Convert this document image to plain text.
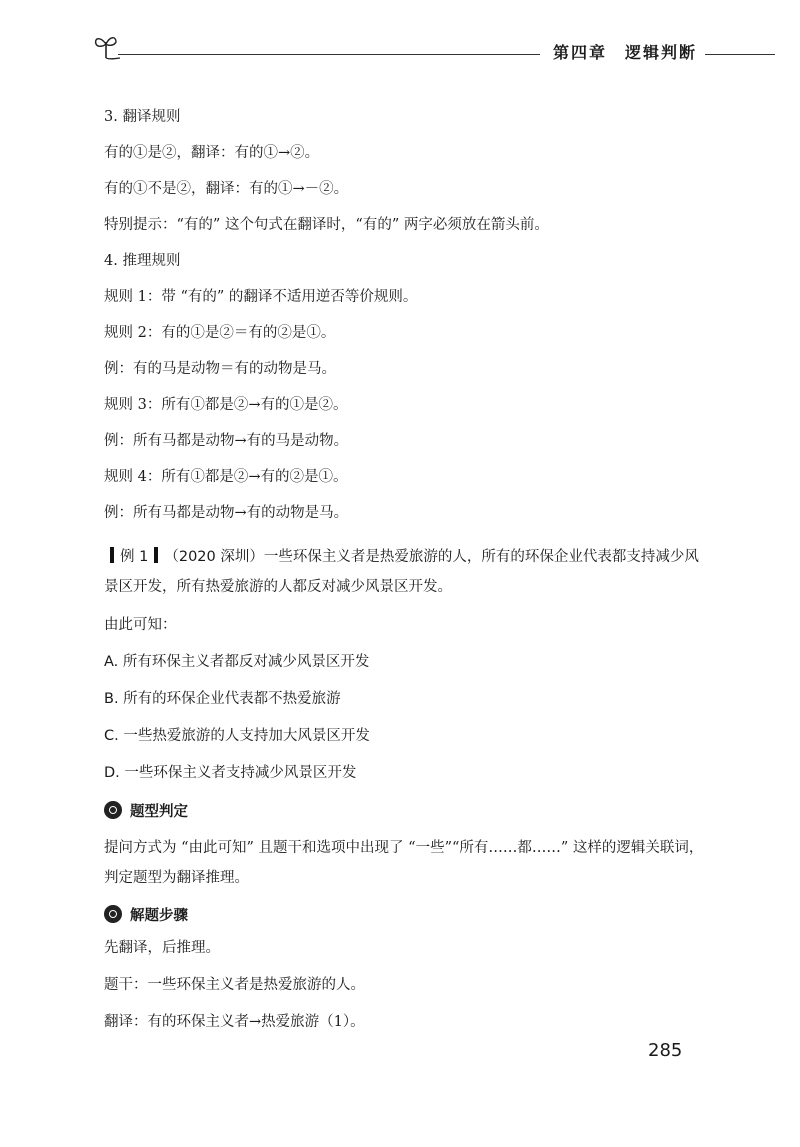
第四章　逻辑判断
3. 翻译规则
有的①是②，翻译：有的①→②。
有的①不是②，翻译：有的①→－②。
特别提示：“有的” 这个句式在翻译时，“有的” 两字必须放在箭头前。
4. 推理规则
规则 1：带 “有的” 的翻译不适用逆否等价规则。
规则 2：有的①是②＝有的②是①。
例：有的马是动物＝有的动物是马。
规则 3：所有①都是②→有的①是②。
例：所有马都是动物→有的马是动物。
规则 4：所有①都是②→有的②是①。
例：所有马都是动物→有的动物是马。
例 1 （2020 深圳）一些环保主义者是热爱旅游的人，所有的环保企业代表都支持减少风景区开发，所有热爱旅游的人都反对减少风景区开发。
由此可知：
A. 所有环保主义者都反对减少风景区开发
B. 所有的环保企业代表都不热爱旅游
C. 一些热爱旅游的人支持加大风景区开发
D. 一些环保主义者支持减少风景区开发
题型判定
提问方式为 “由此可知” 且题干和选项中出现了 “一些”“所有……都……” 这样的逻辑关联词，判定题型为翻译推理。
解题步骤
先翻译，后推理。
题干：一些环保主义者是热爱旅游的人。
翻译：有的环保主义者→热爱旅游（1）。
285
